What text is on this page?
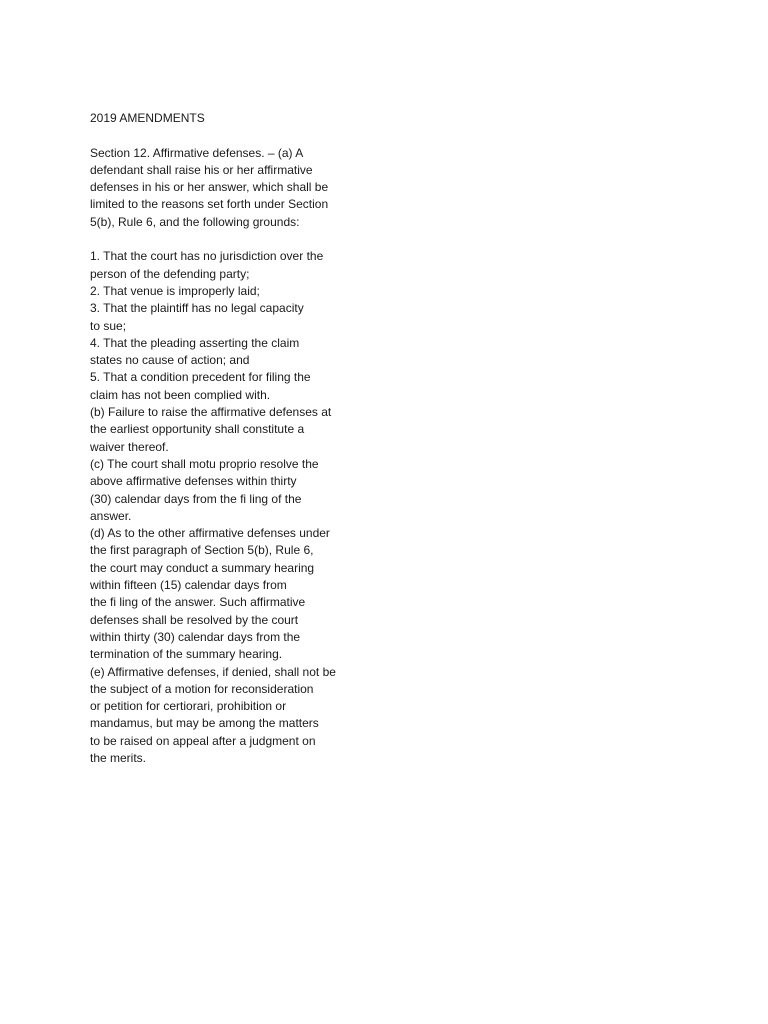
2019 AMENDMENTS
Section 12. Affirmative defenses. – (a) A
defendant shall raise his or her affirmative
defenses in his or her answer, which shall be
limited to the reasons set forth under Section
5(b), Rule 6, and the following grounds:
1. That the court has no jurisdiction over the
person of the defending party;
2. That venue is improperly laid;
3. That the plaintiff has no legal capacity
to sue;
4. That the pleading asserting the claim
states no cause of action; and
5. That a condition precedent for filing the
claim has not been complied with.
(b) Failure to raise the affirmative defenses at
the earliest opportunity shall constitute a
waiver thereof.
(c) The court shall motu proprio resolve the
above affirmative defenses within thirty
(30) calendar days from the fi ling of the
answer.
(d) As to the other affirmative defenses under
the first paragraph of Section 5(b), Rule 6,
the court may conduct a summary hearing
within fifteen (15) calendar days from
the fi ling of the answer. Such affirmative
defenses shall be resolved by the court
within thirty (30) calendar days from the
termination of the summary hearing.
(e) Affirmative defenses, if denied, shall not be
the subject of a motion for reconsideration
or petition for certiorari, prohibition or
mandamus, but may be among the matters
to be raised on appeal after a judgment on
the merits.
